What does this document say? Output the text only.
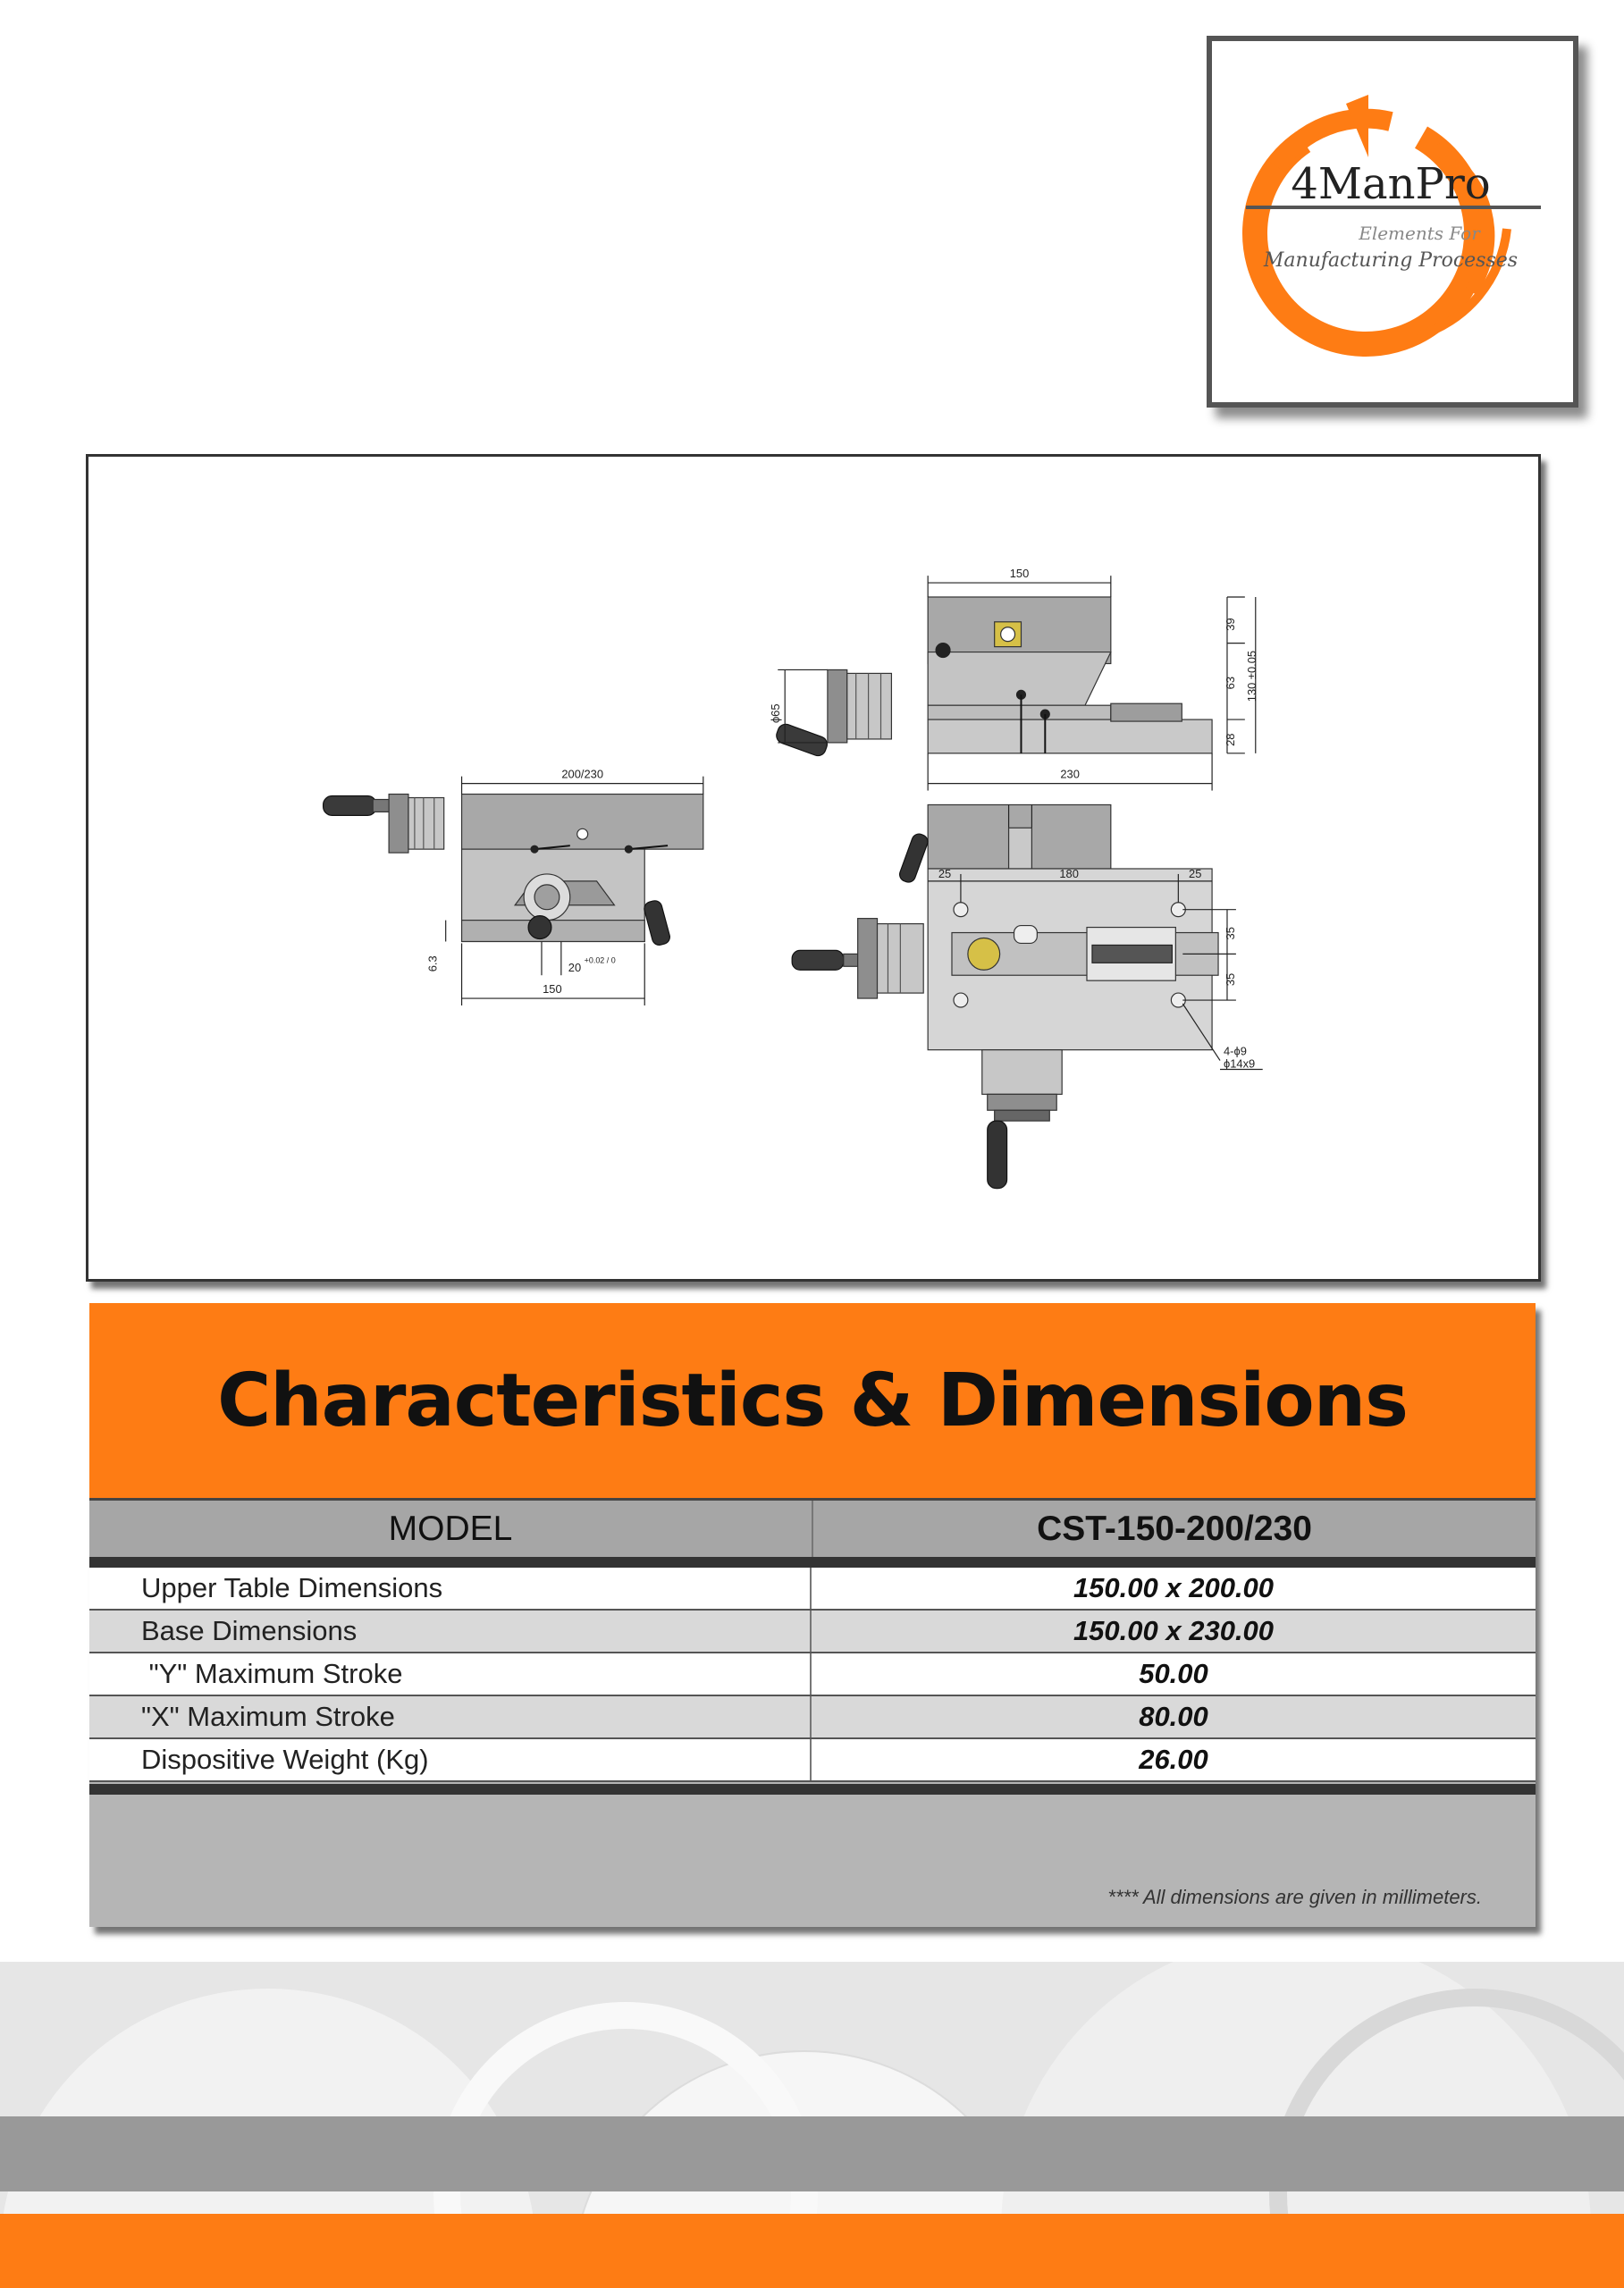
4ManPro
Elements For
Manufacturing Processes
200/230
150
6.3	20
+0.02 / 0
150
230
39
63
28
130 ±0.05
ϕ65
25	180	25
35
35
4-ϕ9
ϕ14x9
Characteristics & Dimensions
MODEL	CST-150-200/230
Upper Table Dimensions	150.00 x 200.00
Base Dimensions	150.00 x 230.00
"Y" Maximum Stroke	50.00
"X" Maximum Stroke	80.00
Dispositive Weight (Kg)	26.00
**** All dimensions are given in millimeters.
